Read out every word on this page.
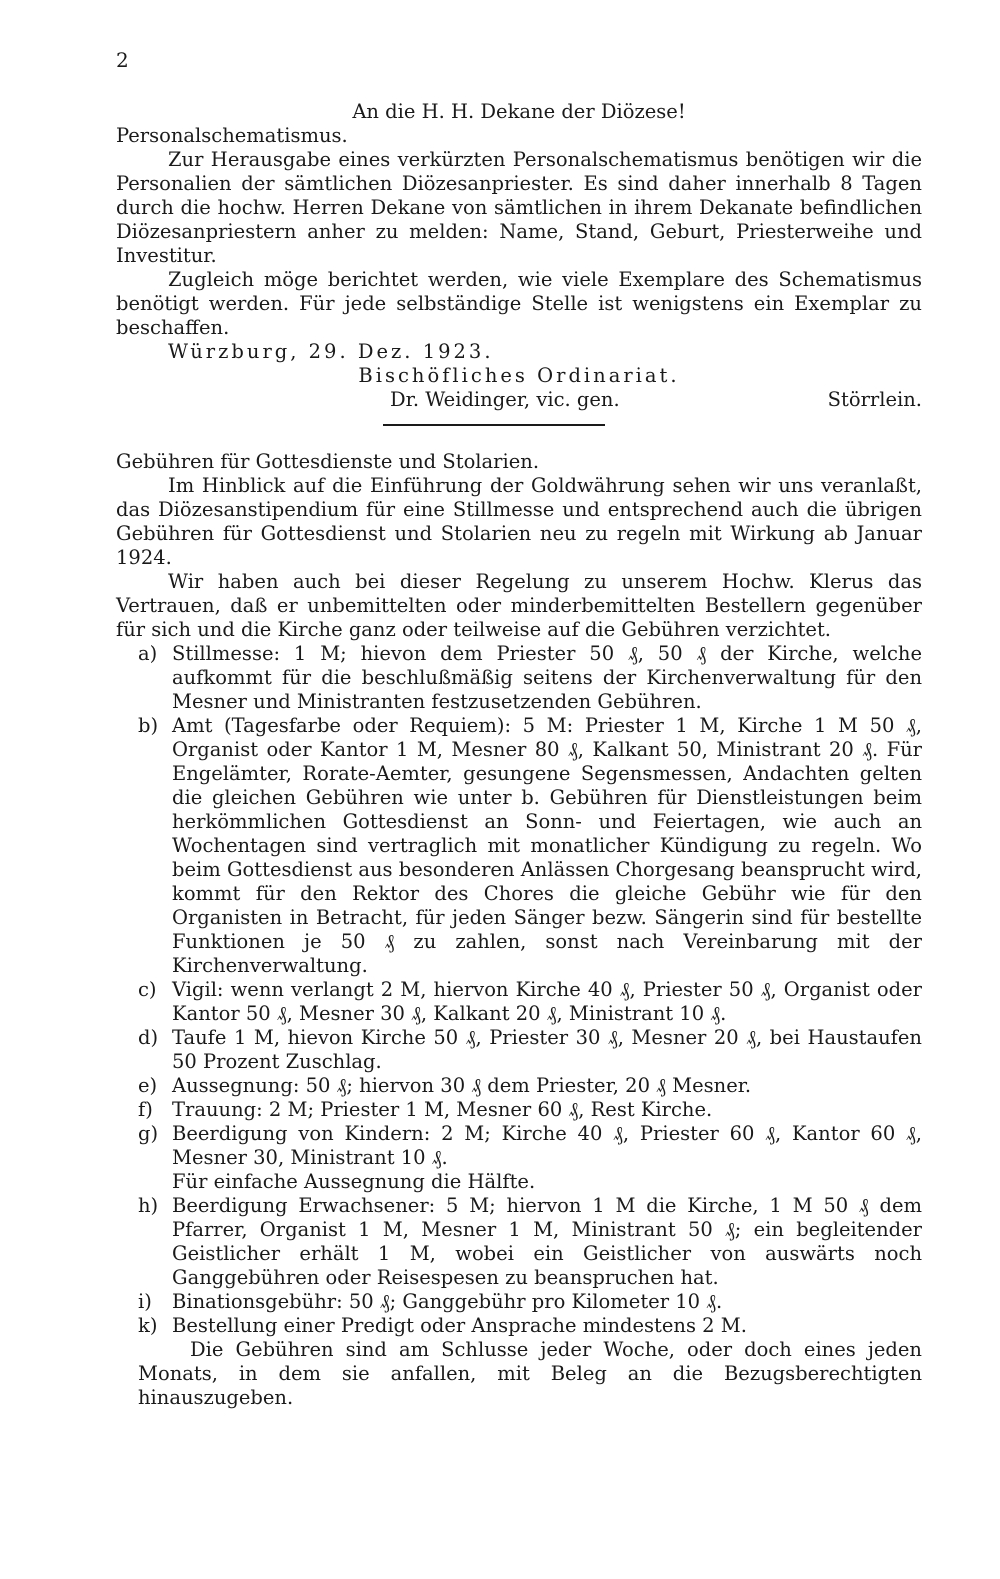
2

An die H. H. Dekane der Diözese!

Personalschematismus.

Zur Herausgabe eines verkürzten Personalschematismus benötigen wir die Personalien der sämtlichen Diözesanpriester. Es sind daher innerhalb 8 Tagen durch die hochw. Herren Dekane von sämtlichen in ihrem Dekanate befindlichen Diözesanpriestern anher zu melden: Name, Stand, Geburt, Priesterweihe und Investitur.

Zugleich möge berichtet werden, wie viele Exemplare des Schematismus benötigt werden. Für jede selbständige Stelle ist wenigstens ein Exemplar zu beschaffen.

Würzburg, 29. Dez. 1923.

Bischöfliches Ordinariat.

Dr. Weidinger, vic. gen.	Störrlein.

Gebühren für Gottesdienste und Stolarien.

Im Hinblick auf die Einführung der Goldwährung sehen wir uns veranlaßt, das Diözesanstipendium für eine Stillmesse und entsprechend auch die übrigen Gebühren für Gottesdienst und Stolarien neu zu regeln mit Wirkung ab Januar 1924.

Wir haben auch bei dieser Regelung zu unserem Hochw. Klerus das Vertrauen, daß er unbemittelten oder minderbemittelten Bestellern gegenüber für sich und die Kirche ganz oder teilweise auf die Gebühren verzichtet.

a) Stillmesse: 1 M; hievon dem Priester 50 ₰, 50 ₰ der Kirche, welche aufkommt für die beschlußmäßig seitens der Kirchenverwaltung für den Mesner und Ministranten festzusetzenden Gebühren.
b) Amt (Tagesfarbe oder Requiem): 5 M: Priester 1 M, Kirche 1 M 50 ₰, Organist oder Kantor 1 M, Mesner 80 ₰, Kalkant 50, Ministrant 20 ₰. Für Engelämter, Rorate-Aemter, gesungene Segensmessen, Andachten gelten die gleichen Gebühren wie unter b. Gebühren für Dienstleistungen beim herkömmlichen Gottesdienst an Sonn- und Feiertagen, wie auch an Wochentagen sind vertraglich mit monatlicher Kündigung zu regeln. Wo beim Gottesdienst aus besonderen Anlässen Chorgesang beansprucht wird, kommt für den Rektor des Chores die gleiche Gebühr wie für den Organisten in Betracht, für jeden Sänger bezw. Sängerin sind für bestellte Funktionen je 50 ₰ zu zahlen, sonst nach Vereinbarung mit der Kirchenverwaltung.
c) Vigil: wenn verlangt 2 M, hiervon Kirche 40 ₰, Priester 50 ₰, Organist oder Kantor 50 ₰, Mesner 30 ₰, Kalkant 20 ₰, Ministrant 10 ₰.
d) Taufe 1 M, hievon Kirche 50 ₰, Priester 30 ₰, Mesner 20 ₰, bei Haustaufen 50 Prozent Zuschlag.
e) Aussegnung: 50 ₰; hiervon 30 ₰ dem Priester, 20 ₰ Mesner.
f) Trauung: 2 M; Priester 1 M, Mesner 60 ₰, Rest Kirche.
g) Beerdigung von Kindern: 2 M; Kirche 40 ₰, Priester 60 ₰, Kantor 60 ₰, Mesner 30, Ministrant 10 ₰.
Für einfache Aussegnung die Hälfte.
h) Beerdigung Erwachsener: 5 M; hiervon 1 M die Kirche, 1 M 50 ₰ dem Pfarrer, Organist 1 M, Mesner 1 M, Ministrant 50 ₰; ein begleitender Geistlicher erhält 1 M, wobei ein Geistlicher von auswärts noch Ganggebühren oder Reisespesen zu beanspruchen hat.
i) Binationsgebühr: 50 ₰; Ganggebühr pro Kilometer 10 ₰.
k) Bestellung einer Predigt oder Ansprache mindestens 2 M.

Die Gebühren sind am Schlusse jeder Woche, oder doch eines jeden Monats, in dem sie anfallen, mit Beleg an die Bezugsberechtigten hinauszugeben.
